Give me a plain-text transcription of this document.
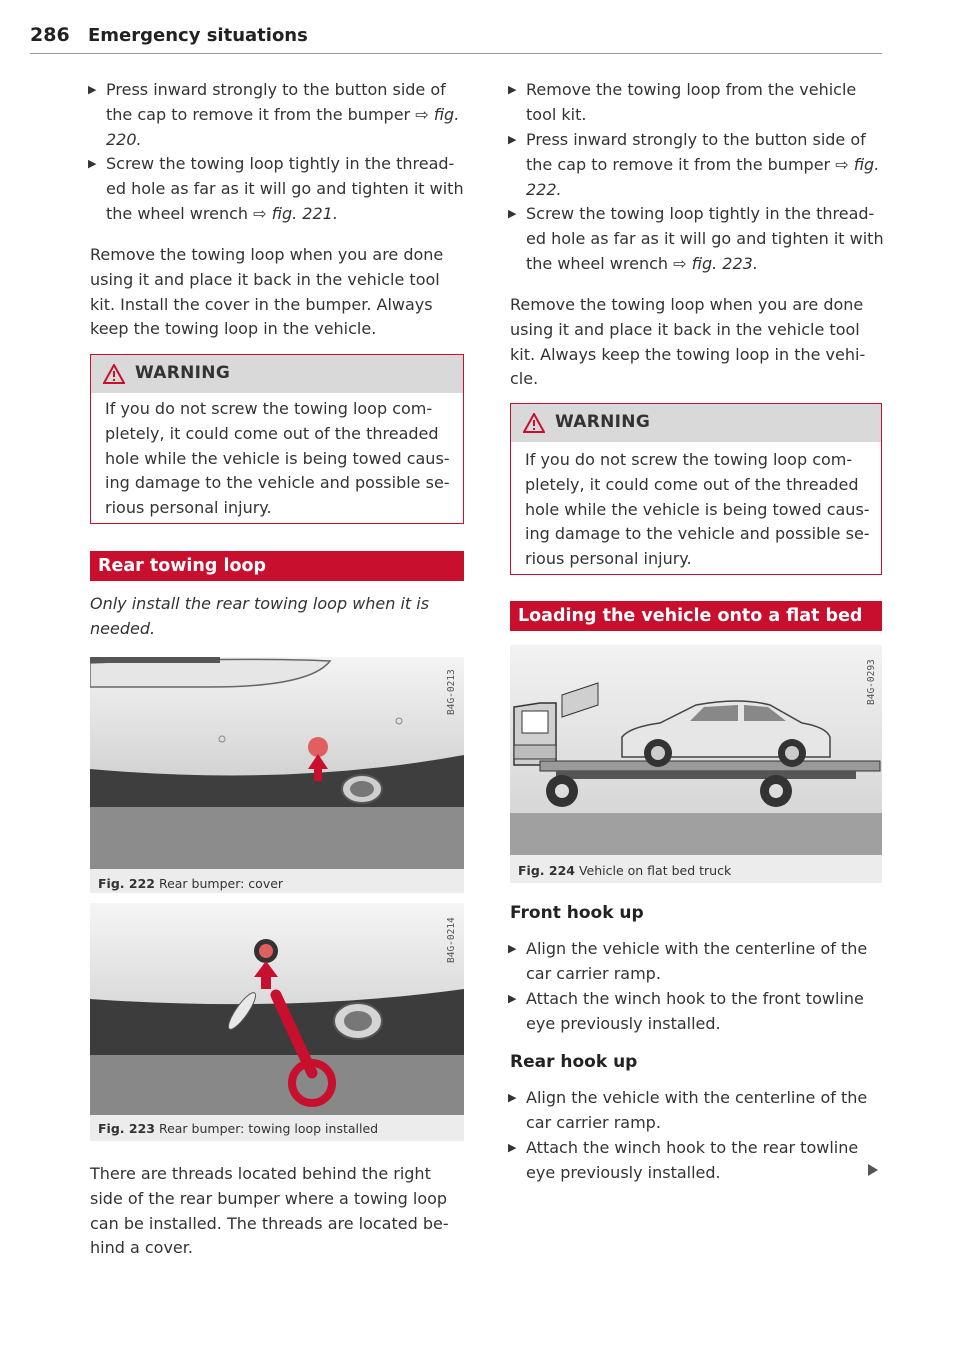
286 Emergency situations
▶ Press inward strongly to the button side of the cap to remove it from the bumper ⇨ fig. 220.
▶ Screw the towing loop tightly in the thread-ed hole as far as it will go and tighten it with the wheel wrench ⇨ fig. 221.
Remove the towing loop when you are done using it and place it back in the vehicle tool kit. Install the cover in the bumper. Always keep the towing loop in the vehicle.
WARNING
If you do not screw the towing loop com-pletely, it could come out of the threaded hole while the vehicle is being towed caus-ing damage to the vehicle and possible se-rious personal injury.
Rear towing loop
Only install the rear towing loop when it is needed.
B4G-0213
Fig. 222 Rear bumper: cover
B4G-0214
Fig. 223 Rear bumper: towing loop installed
There are threads located behind the right side of the rear bumper where a towing loop can be installed. The threads are located be-hind a cover.
▶ Remove the towing loop from the vehicle tool kit.
▶ Press inward strongly to the button side of the cap to remove it from the bumper ⇨ fig. 222.
▶ Screw the towing loop tightly in the thread-ed hole as far as it will go and tighten it with the wheel wrench ⇨ fig. 223.
Remove the towing loop when you are done using it and place it back in the vehicle tool kit. Always keep the towing loop in the vehi-cle.
WARNING
If you do not screw the towing loop com-pletely, it could come out of the threaded hole while the vehicle is being towed caus-ing damage to the vehicle and possible se-rious personal injury.
Loading the vehicle onto a flat bed
B4G-0293
Fig. 224 Vehicle on flat bed truck
Front hook up
▶ Align the vehicle with the centerline of the car carrier ramp.
▶ Attach the winch hook to the front towline eye previously installed.
Rear hook up
▶ Align the vehicle with the centerline of the car carrier ramp.
▶ Attach the winch hook to the rear towline eye previously installed.
